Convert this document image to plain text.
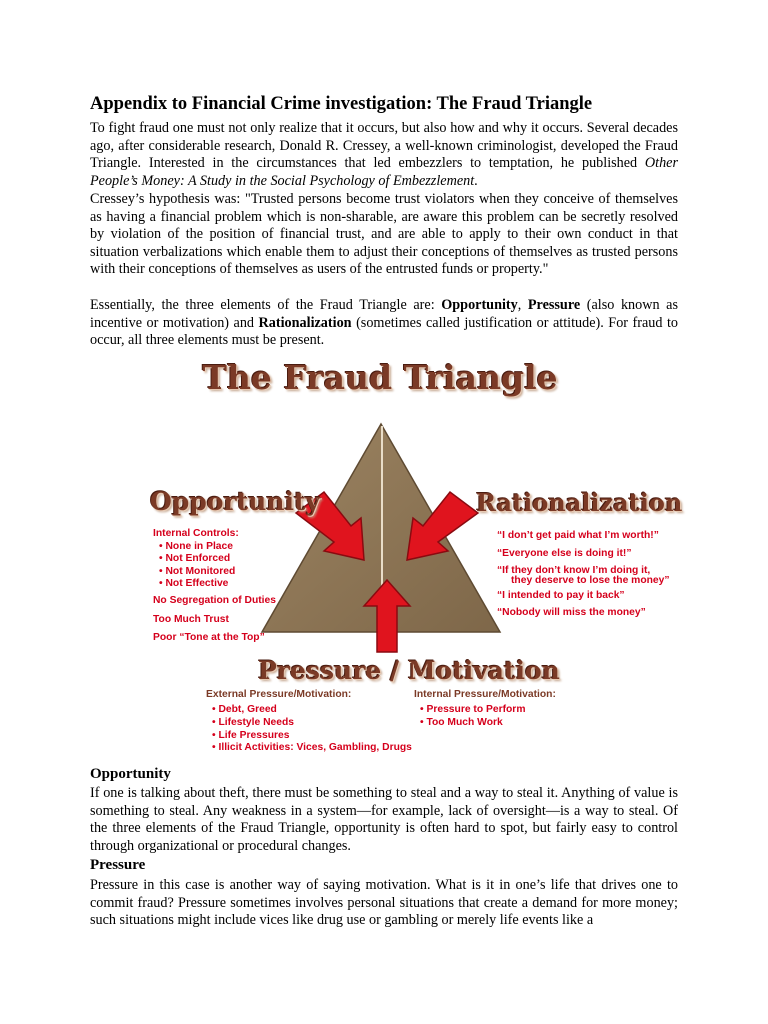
Appendix to Financial Crime investigation: The Fraud Triangle

To fight fraud one must not only realize that it occurs, but also how and why it occurs. Several decades ago, after considerable research, Donald R. Cressey, a well-known criminologist, developed the Fraud Triangle. Interested in the circumstances that led embezzlers to temptation, he published Other People’s Money: A Study in the Social Psychology of Embezzlement.

Cressey’s hypothesis was: "Trusted persons become trust violators when they conceive of themselves as having a financial problem which is non-sharable, are aware this problem can be secretly resolved by violation of the position of financial trust, and are able to apply to their own conduct in that situation verbalizations which enable them to adjust their conceptions of themselves as trusted persons with their conceptions of themselves as users of the entrusted funds or property."

Essentially, the three elements of the Fraud Triangle are: Opportunity, Pressure (also known as incentive or motivation) and Rationalization (sometimes called justification or attitude). For fraud to occur, all three elements must be present.

The Fraud Triangle
Opportunity
Internal Controls:
• None in Place
• Not Enforced
• Not Monitored
• Not Effective
No Segregation of Duties
Too Much Trust
Poor “Tone at the Top”
Rationalization
“I don’t get paid what I’m worth!”
“Everyone else is doing it!”
“If they don’t know I’m doing it,
they deserve to lose the money”
“I intended to pay it back”
“Nobody will miss the money”
Pressure / Motivation
External Pressure/Motivation:
• Debt, Greed
• Lifestyle Needs
• Life Pressures
• Illicit Activities: Vices, Gambling, Drugs
Internal Pressure/Motivation:
• Pressure to Perform
• Too Much Work
Opportunity

If one is talking about theft, there must be something to steal and a way to steal it. Anything of value is something to steal. Any weakness in a system—for example, lack of oversight—is a way to steal. Of the three elements of the Fraud Triangle, opportunity is often hard to spot, but fairly easy to control through organizational or procedural changes.

Pressure

Pressure in this case is another way of saying motivation. What is it in one’s life that drives one to commit fraud? Pressure sometimes involves personal situations that create a demand for more money; such situations might include vices like drug use or gambling or merely life events like a
